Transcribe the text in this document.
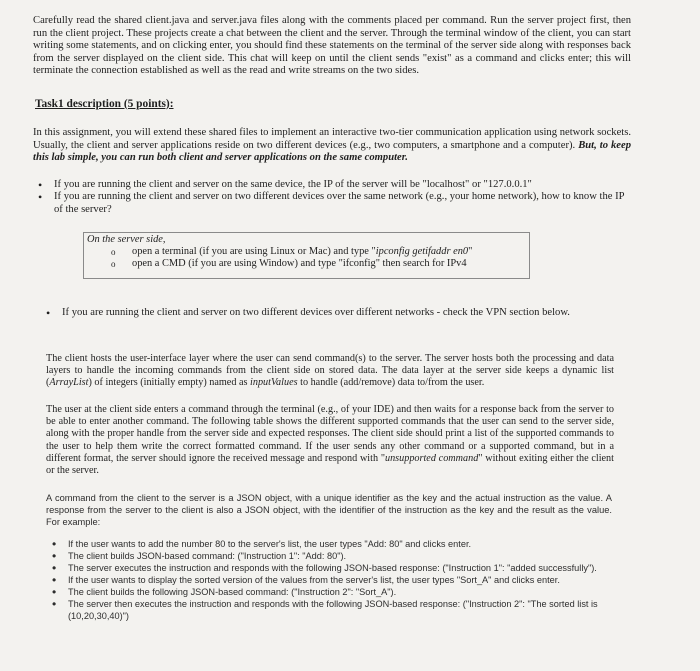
Carefully read the shared client.java and server.java files along with the comments placed per command. Run the server project first, then run the client project. These projects create a chat between the client and the server. Through the terminal window of the client, you can start writing some statements, and on clicking enter, you should find these statements on the terminal of the server side along with responses back from the server displayed on the client side. This chat will keep on until the client sends "exist" as a command and clicks enter; this will terminate the connection established as well as the read and write streams on the two sides.

Task1 description (5 points):

In this assignment, you will extend these shared files to implement an interactive two-tier communication application using network sockets. Usually, the client and server applications reside on two different devices (e.g., two computers, a smartphone and a computer). But, to keep this lab simple, you can run both client and server applications on the same computer.

• If you are running the client and server on the same device, the IP of the server will be "localhost" or "127.0.0.1"
• If you are running the client and server on two different devices over the same network (e.g., your home network), how to know the IP of the server?
On the server side,
o open a terminal (if you are using Linux or Mac) and type "ipconfig getifaddr en0"
o open a CMD (if you are using Window) and type "ifconfig" then search for IPv4
• If you are running the client and server on two different devices over different networks - check the VPN section below.

The client hosts the user-interface layer where the user can send command(s) to the server. The server hosts both the processing and data layers to handle the incoming commands from the client side on stored data. The data layer at the server side keeps a dynamic list (ArrayList) of integers (initially empty) named as inputValues to handle (add/remove) data to/from the user.

The user at the client side enters a command through the terminal (e.g., of your IDE) and then waits for a response back from the server to be able to enter another command. The following table shows the different supported commands that the user can send to the server side, along with the proper handle from the server side and expected responses. The client side should print a list of the supported commands to the user to help them write the correct formatted command. If the user sends any other command or a supported command, but in a different format, the server should ignore the received message and respond with "unsupported command" without exiting either the client or the server.

A command from the client to the server is a JSON object, with a unique identifier as the key and the actual instruction as the value. A response from the server to the client is also a JSON object, with the identifier of the instruction as the key and the result as the value. For example:

• If the user wants to add the number 80 to the server's list, the user types "Add: 80" and clicks enter.
• The client builds JSON-based command: ("Instruction 1": "Add: 80").
• The server executes the instruction and responds with the following JSON-based response: ("Instruction 1": "added successfully").
• If the user wants to display the sorted version of the values from the server's list, the user types "Sort_A" and clicks enter.
• The client builds the following JSON-based command: ("Instruction 2": "Sort_A").
• The server then executes the instruction and responds with the following JSON-based response: ("Instruction 2": "The sorted list is (10,20,30,40)")
